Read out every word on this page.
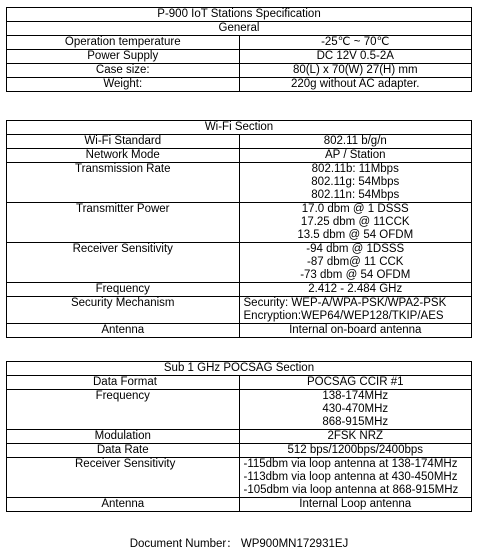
P-900 IoT Stations Specification	
General	
Operation temperature	-25℃ ~ 70℃

Power Supply	DC 12V 0.5-2A

Case size:	80(L) x 70(W) 27(H) mm

Weight:	220g without AC adapter.
Wi-Fi Section	
Wi-Fi Standard	802.11 b/g/n

Network Mode	AP / Station

Transmission Rate	802.11b: 11Mbps
802.11g: 54Mbps
802.11n: 54Mbps

Transmitter Power	17.0 dbm @ 1 DSSS
17.25 dbm @ 11CCK
13.5 dbm @ 54 OFDM

Receiver Sensitivity	-94 dbm @ 1DSSS
-87 dbm@ 11 CCK
-73 dbm @ 54 OFDM

Frequency	2.412 - 2.484 GHz

Security Mechanism	Security: WEP-A/WPA-PSK/WPA2-PSK
Encryption:WEP64/WEP128/TKIP/AES

Antenna	Internal on-board antenna
Sub 1 GHz POCSAG Section	
Data Format	POCSAG CCIR #1

Frequency	138-174MHz
430-470MHz
868-915MHz

Modulation	2FSK NRZ

Data Rate	512 bps/1200bps/2400bps

Receiver Sensitivity	-115dbm via loop antenna at 138-174MHz
-113dbm via loop antenna at 430-450MHz
-105dbm via loop antenna at 868-915MHz

Antenna	Internal Loop antenna
Document Number： WP900MN172931EJ
